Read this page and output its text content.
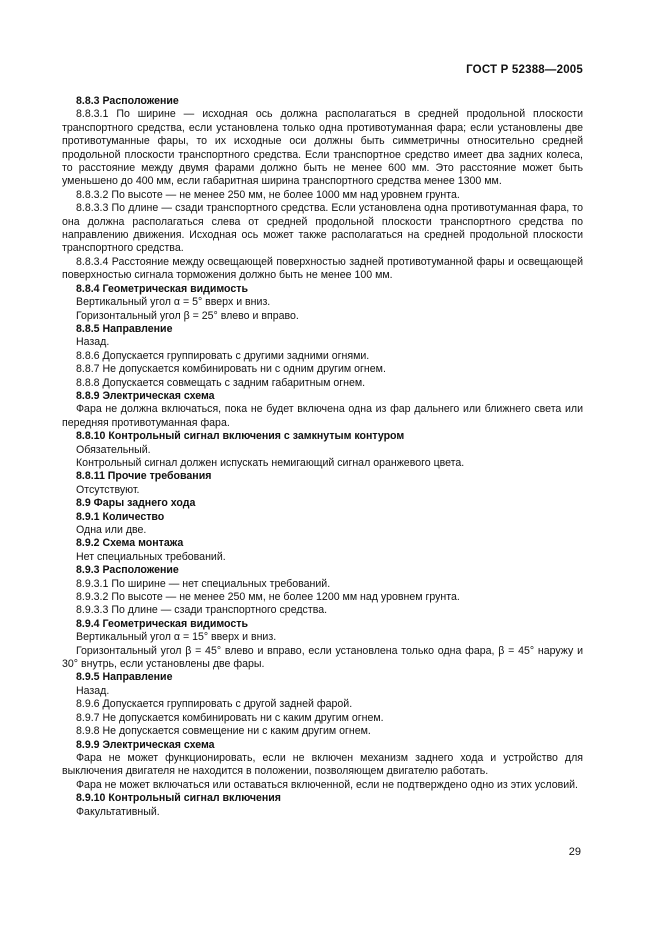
ГОСТ Р 52388—2005

8.8.3 Расположение

8.8.3.1 По ширине — исходная ось должна располагаться в средней продольной плоскости транспортного средства, если установлена только одна противотуманная фара; если установлены две противотуманные фары, то их исходные оси должны быть симметричны относительно средней продольной плоскости транспортного средства. Если транспортное средство имеет два задних колеса, то расстояние между двумя фарами должно быть не менее 600 мм. Это расстояние может быть уменьшено до 400 мм, если габаритная ширина транспортного средства менее 1300 мм.

8.8.3.2 По высоте — не менее 250 мм, не более 1000 мм над уровнем грунта.

8.8.3.3 По длине — сзади транспортного средства. Если установлена одна противотуманная фара, то она должна располагаться слева от средней продольной плоскости транспортного средства по направлению движения. Исходная ось может также располагаться на средней продольной плоскости транспортного средства.

8.8.3.4 Расстояние между освещающей поверхностью задней противотуманной фары и освещающей поверхностью сигнала торможения должно быть не менее 100 мм.

8.8.4 Геометрическая видимость

Вертикальный угол α = 5° вверх и вниз.

Горизонтальный угол β = 25° влево и вправо.

8.8.5 Направление

Назад.

8.8.6 Допускается группировать с другими задними огнями.

8.8.7 Не допускается комбинировать ни с одним другим огнем.

8.8.8 Допускается совмещать с задним габаритным огнем.

8.8.9 Электрическая схема

Фара не должна включаться, пока не будет включена одна из фар дальнего или ближнего света или передняя противотуманная фара.

8.8.10 Контрольный сигнал включения с замкнутым контуром

Обязательный.

Контрольный сигнал должен испускать немигающий сигнал оранжевого цвета.

8.8.11 Прочие требования

Отсутствуют.

8.9 Фары заднего хода

8.9.1 Количество

Одна или две.

8.9.2 Схема монтажа

Нет специальных требований.

8.9.3 Расположение

8.9.3.1 По ширине — нет специальных требований.

8.9.3.2 По высоте — не менее 250 мм, не более 1200 мм над уровнем грунта.

8.9.3.3 По длине — сзади транспортного средства.

8.9.4 Геометрическая видимость

Вертикальный угол α = 15° вверх и вниз.

Горизонтальный угол β = 45° влево и вправо, если установлена только одна фара, β = 45° наружу и 30° внутрь, если установлены две фары.

8.9.5 Направление

Назад.

8.9.6 Допускается группировать с другой задней фарой.

8.9.7 Не допускается комбинировать ни с каким другим огнем.

8.9.8 Не допускается совмещение ни с каким другим огнем.

8.9.9 Электрическая схема

Фара не может функционировать, если не включен механизм заднего хода и устройство для выключения двигателя не находится в положении, позволяющем двигателю работать.

Фара не может включаться или оставаться включенной, если не подтверждено одно из этих условий.

8.9.10 Контрольный сигнал включения

Факультативный.

29
